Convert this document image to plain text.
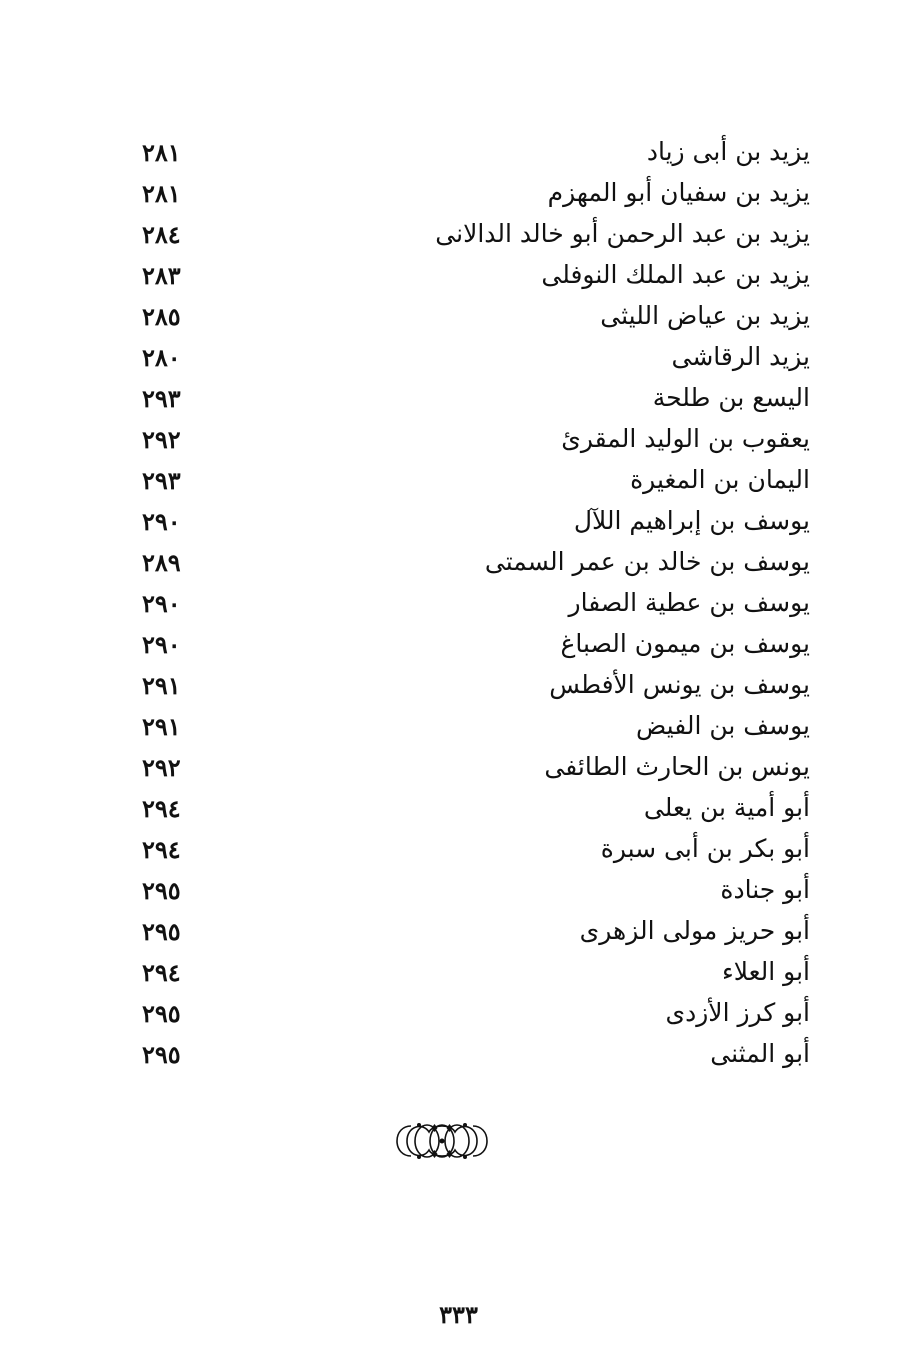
يزيد بن أبى زياد
٢٨١
يزيد بن سفيان أبو المهزم
٢٨١
يزيد بن عبد الرحمن أبو خالد الدالانى
٢٨٤
يزيد بن عبد الملك النوفلى
٢٨٣
يزيد بن عياض الليثى
٢٨٥
يزيد الرقاشى
٢٨٠
اليسع بن طلحة
٢٩٣
يعقوب بن الوليد المقرئ
٢٩٢
اليمان بن المغيرة
٢٩٣
يوسف بن إبراهيم اللآل
٢٩٠
يوسف بن خالد بن عمر السمتى
٢٨٩
يوسف بن عطية الصفار
٢٩٠
يوسف بن ميمون الصباغ
٢٩٠
يوسف بن يونس الأفطس
٢٩١
يوسف بن الفيض
٢٩١
يونس بن الحارث الطائفى
٢٩٢
أبو أمية بن يعلى
٢٩٤
أبو بكر بن أبى سبرة
٢٩٤
أبو جنادة
٢٩٥
أبو حريز مولى الزهرى
٢٩٥
أبو العلاء
٢٩٤
أبو كرز الأزدى
٢٩٥
أبو المثنى
٢٩٥
٣٣٣
